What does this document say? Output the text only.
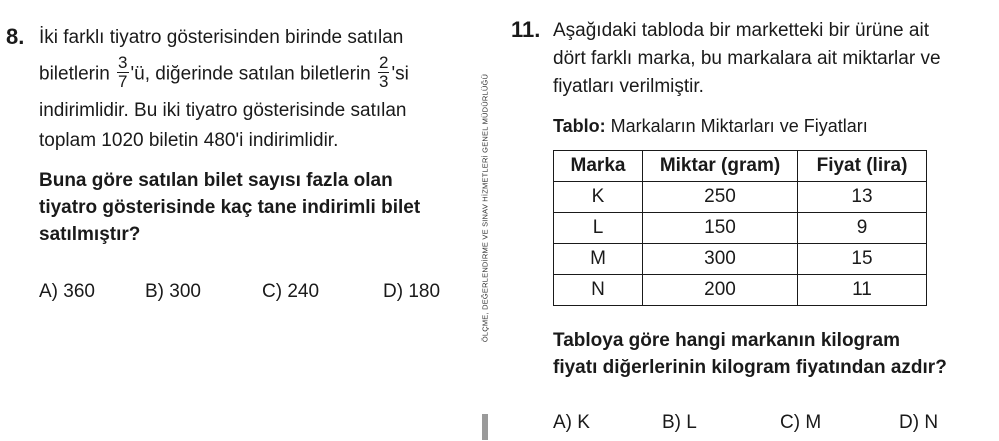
8. İki farklı tiyatro gösterisinden birinde satılan
biletlerin $\frac{3}{7}$ 'ü, diğerinde satılan biletlerin $\frac{2}{3}$ 'si
indirimlidir. Bu iki tiyatro gösterisinde satılan
toplam 1020 biletin 480'i indirimlidir.
Buna göre satılan bilet sayısı fazla olan
tiyatro gösterisinde kaç tane indirimli bilet
satılmıştır?
A) 360	B) 300	C) 240	D) 180	ÖLÇME, DEĞERLENDİRME VE SINAV HİZMETLERİ GENEL MÜDÜRLÜĞÜ
11. Aşağıdaki tabloda bir marketteki bir ürüne ait
dört farklı marka, bu markalara ait miktarlar ve
fiyatları verilmiştir.
Tablo: Markaların Miktarları ve Fiyatları
Marka	Miktar (gram)	Fiyat (lira)
K	250	13
L	150	9
M	300	15
N	200	11
Tabloya göre hangi markanın kilogram
fiyatı diğerlerinin kilogram fiyatından azdır?
A) K	B) L	C) M	D) N
